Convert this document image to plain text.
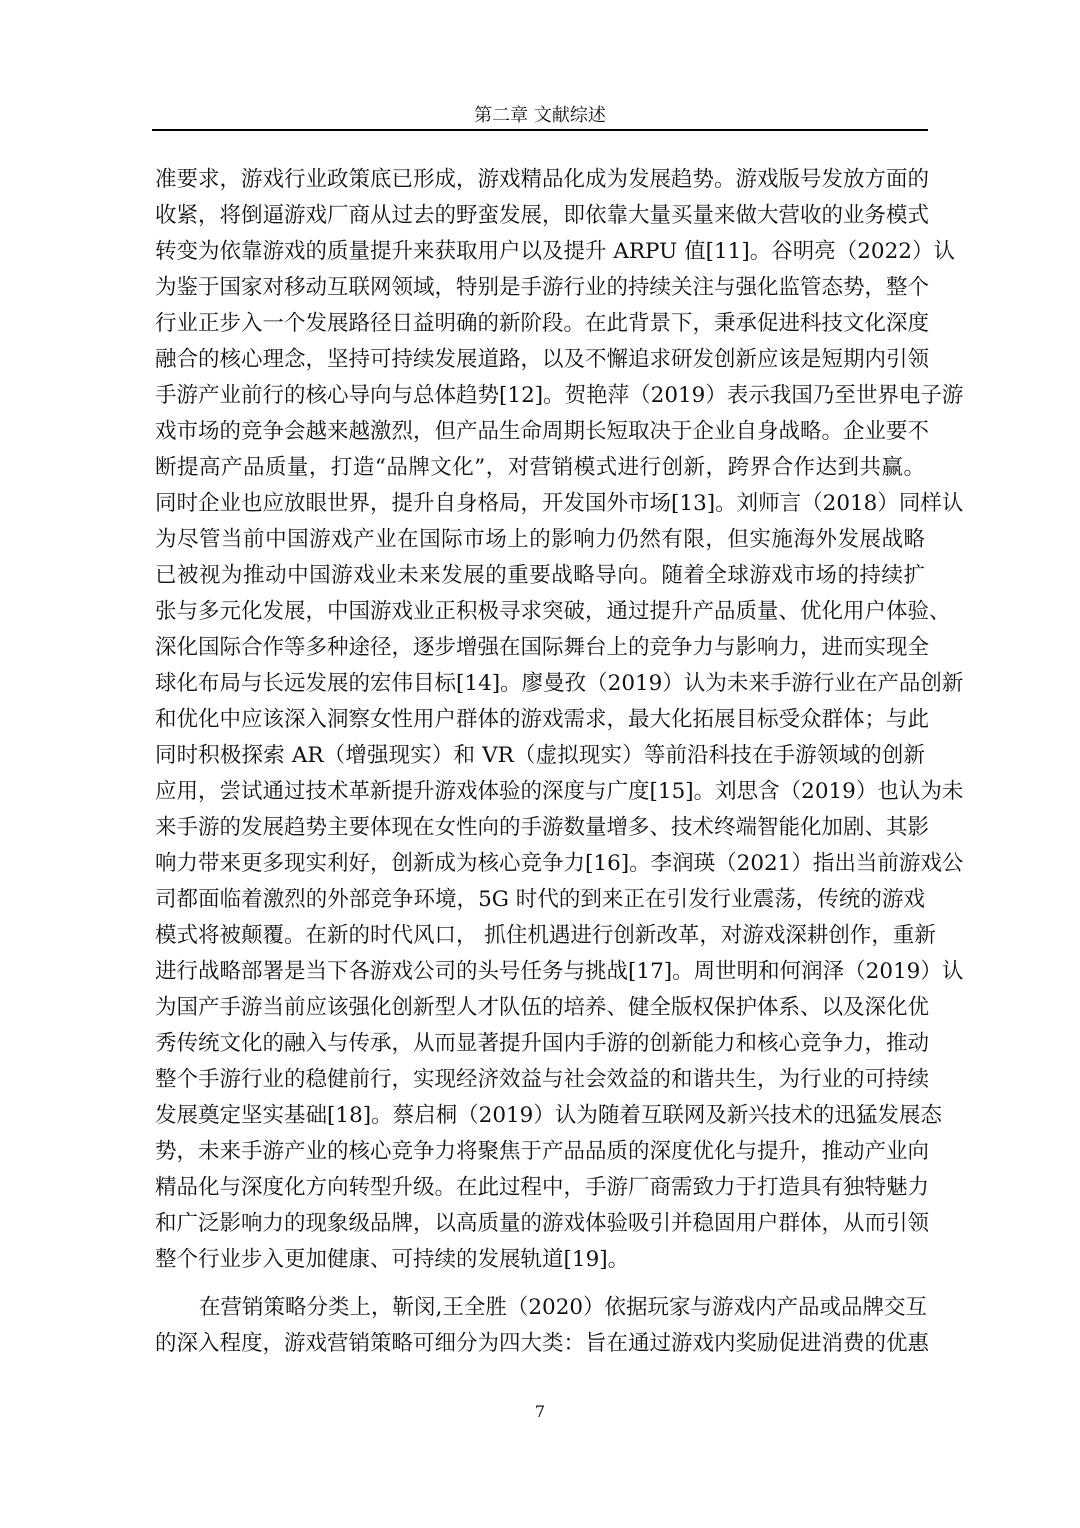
第二章 文献综述
准要求，游戏行业政策底已形成，游戏精品化成为发展趋势。游戏版号发放方面的
收紧，将倒逼游戏厂商从过去的野蛮发展，即依靠大量买量来做大营收的业务模式
转变为依靠游戏的质量提升来获取用户以及提升 ARPU 值[11]。谷明亮（2022）认
为鉴于国家对移动互联网领域，特别是手游行业的持续关注与强化监管态势，整个
行业正步入一个发展路径日益明确的新阶段。在此背景下，秉承促进科技文化深度
融合的核心理念，坚持可持续发展道路，以及不懈追求研发创新应该是短期内引领
手游产业前行的核心导向与总体趋势[12]。贺艳萍（2019）表示我国乃至世界电子游
戏市场的竞争会越来越激烈，但产品生命周期长短取决于企业自身战略。企业要不
断提高产品质量，打造“品牌文化”，对营销模式进行创新，跨界合作达到共赢。
同时企业也应放眼世界，提升自身格局，开发国外市场[13]。刘师言（2018）同样认
为尽管当前中国游戏产业在国际市场上的影响力仍然有限，但实施海外发展战略
已被视为推动中国游戏业未来发展的重要战略导向。随着全球游戏市场的持续扩
张与多元化发展，中国游戏业正积极寻求突破，通过提升产品质量、优化用户体验、
深化国际合作等多种途径，逐步增强在国际舞台上的竞争力与影响力，进而实现全
球化布局与长远发展的宏伟目标[14]。廖曼孜（2019）认为未来手游行业在产品创新
和优化中应该深入洞察女性用户群体的游戏需求，最大化拓展目标受众群体；与此
同时积极探索 AR（增强现实）和 VR（虚拟现实）等前沿科技在手游领域的创新
应用，尝试通过技术革新提升游戏体验的深度与广度[15]。刘思含（2019）也认为未
来手游的发展趋势主要体现在女性向的手游数量增多、技术终端智能化加剧、其影
响力带来更多现实利好，创新成为核心竞争力[16]。李润瑛（2021）指出当前游戏公
司都面临着激烈的外部竞争环境，5G 时代的到来正在引发行业震荡，传统的游戏
模式将被颠覆。在新的时代风口， 抓住机遇进行创新改革，对游戏深耕创作，重新
进行战略部署是当下各游戏公司的头号任务与挑战[17]。周世明和何润泽（2019）认
为国产手游当前应该强化创新型人才队伍的培养、健全版权保护体系、以及深化优
秀传统文化的融入与传承，从而显著提升国内手游的创新能力和核心竞争力，推动
整个手游行业的稳健前行，实现经济效益与社会效益的和谐共生，为行业的可持续
发展奠定坚实基础[18]。蔡启桐（2019）认为随着互联网及新兴技术的迅猛发展态
势，未来手游产业的核心竞争力将聚焦于产品品质的深度优化与提升，推动产业向
精品化与深度化方向转型升级。在此过程中，手游厂商需致力于打造具有独特魅力
和广泛影响力的现象级品牌，以高质量的游戏体验吸引并稳固用户群体，从而引领
整个行业步入更加健康、可持续的发展轨道[19]。
在营销策略分类上，靳闵,王全胜（2020）依据玩家与游戏内产品或品牌交互
的深入程度，游戏营销策略可细分为四大类：旨在通过游戏内奖励促进消费的优惠
7
